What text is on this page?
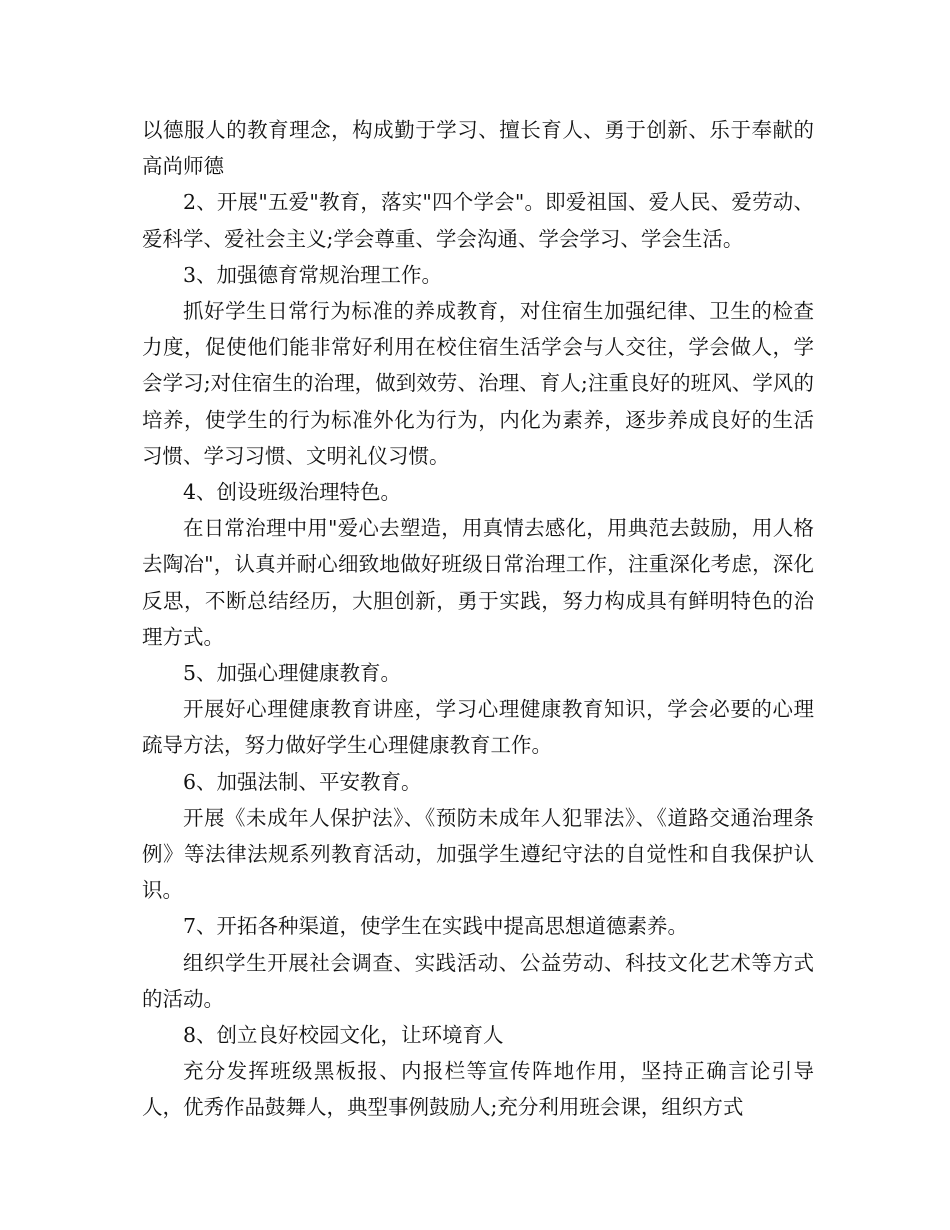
以德服人的教育理念，构成勤于学习、擅长育人、勇于创新、乐于奉献的高尚师德

2、开展"五爱"教育，落实"四个学会"。即爱祖国、爱人民、爱劳动、爱科学、爱社会主义;学会尊重、学会沟通、学会学习、学会生活。

3、加强德育常规治理工作。

抓好学生日常行为标准的养成教育，对住宿生加强纪律、卫生的检查力度，促使他们能非常好利用在校住宿生活学会与人交往，学会做人，学会学习;对住宿生的治理，做到效劳、治理、育人;注重良好的班风、学风的培养，使学生的行为标准外化为行为，内化为素养，逐步养成良好的生活习惯、学习习惯、文明礼仪习惯。

4、创设班级治理特色。

在日常治理中用"爱心去塑造，用真情去感化，用典范去鼓励，用人格去陶冶"，认真并耐心细致地做好班级日常治理工作，注重深化考虑，深化反思，不断总结经历，大胆创新，勇于实践，努力构成具有鲜明特色的治理方式。

5、加强心理健康教育。

开展好心理健康教育讲座，学习心理健康教育知识，学会必要的心理疏导方法，努力做好学生心理健康教育工作。

6、加强法制、平安教育。

开展《未成年人保护法》、《预防未成年人犯罪法》、《道路交通治理条例》等法律法规系列教育活动，加强学生遵纪守法的自觉性和自我保护认识。

7、开拓各种渠道，使学生在实践中提高思想道德素养。

组织学生开展社会调查、实践活动、公益劳动、科技文化艺术等方式的活动。

8、创立良好校园文化，让环境育人

充分发挥班级黑板报、内报栏等宣传阵地作用，坚持正确言论引导人，优秀作品鼓舞人，典型事例鼓励人;充分利用班会课，组织方式
